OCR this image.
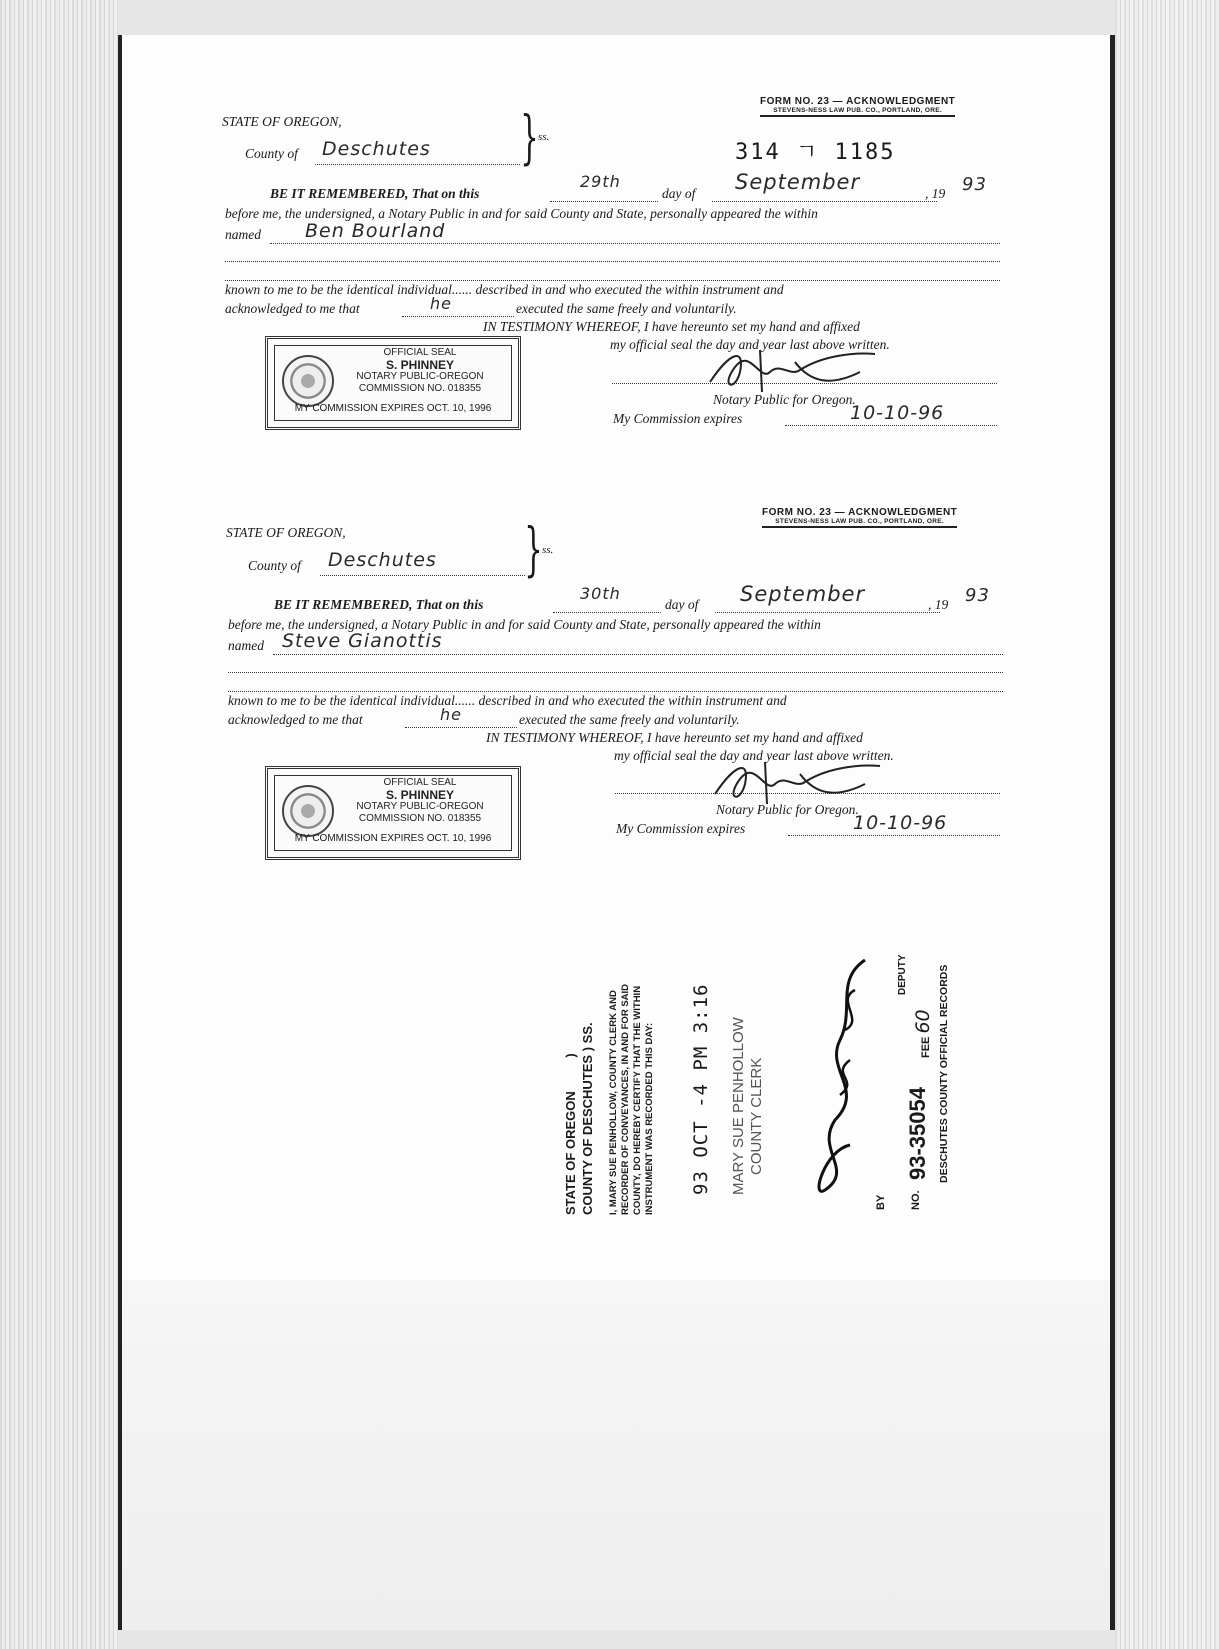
314 ㄱ 1185
FORM NO. 23 — ACKNOWLEDGMENT
STEVENS-NESS LAW PUB. CO., PORTLAND, ORE.
STATE OF OREGON,
County of Deschutes } ss.
BE IT REMEMBERED, That on this
29th
day of September	, 19 93
before me, the undersigned, a Notary Public in and for said County and State, personally appeared the within
named Ben Bourland
known to me to be the identical individual...... described in and who executed the within instrument and
acknowledged to me that	he	executed the same freely and voluntarily.
IN TESTIMONY WHEREOF, I have hereunto set my hand and affixed
my official seal the day and year last above written.
Notary Public for Oregon.
My Commission expires	10-10-96
OFFICIAL SEAL
S. PHINNEY
NOTARY PUBLIC-OREGON
COMMISSION NO. 018355
MY COMMISSION EXPIRES OCT. 10, 1996
FORM NO. 23 — ACKNOWLEDGMENT
STEVENS-NESS LAW PUB. CO., PORTLAND, ORE.
STATE OF OREGON,
County of Deschutes } ss.
BE IT REMEMBERED, That on this
30th
day of September	, 19 93
before me, the undersigned, a Notary Public in and for said County and State, personally appeared the within
named Steve Gianottis
known to me to be the identical individual...... described in and who executed the within instrument and
acknowledged to me that	he	executed the same freely and voluntarily.
IN TESTIMONY WHEREOF, I have hereunto set my hand and affixed
my official seal the day and year last above written.
Notary Public for Oregon.
My Commission expires	10-10-96
OFFICIAL SEAL
S. PHINNEY
NOTARY PUBLIC-OREGON
COMMISSION NO. 018355
MY COMMISSION EXPIRES OCT. 10, 1996
STATE OF OREGON ) COUNTY OF DESCHUTES ) SS. I, MARY SUE PENHOLLOW, COUNTY CLERK AND RECORDER OF CONVEYANCES, IN AND FOR SAID COUNTY, DO HEREBY CERTIFY THAT THE WITHIN INSTRUMENT WAS RECORDED THIS DAY: 93 OCT -4 PM 3:16 MARY SUE PENHOLLOW COUNTY CLERK
BY
DEPUTY
NO.
93-35054
FEE 60 DESCHUTES COUNTY OFFICIAL RECORDS
